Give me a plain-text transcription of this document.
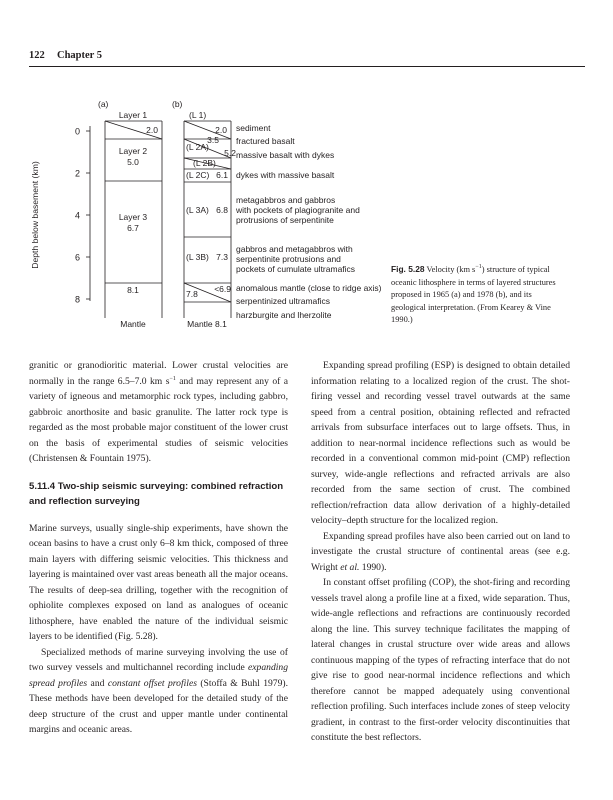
122 Chapter 5
0
2
4
6
8
Depth below basement (km)
(a)
Layer 1
2.0
Layer 2
5.0
Layer 3
6.7
8.1
Mantle
(b)
(L 1)
2.0
(L 2A)
3.5
5.2
(L 2B)
(L 2C) 6.1
(L 3A) 6.8
(L 3B) 7.3
7.8 <6.9
Mantle 8.1
sediment
fractured basalt
massive basalt with dykes
dykes with massive basalt
metagabbros and gabbros
with pockets of plagiogranite and
protrusions of serpentinite
gabbros and metagabbros with
serpentinite protrusions and
pockets of cumulate ultramafics
anomalous mantle (close to ridge axis)
serpentinized ultramafics
harzburgite and lherzolite
Fig. 5.28 Velocity (km $s^{-1}$) structure of typical oceanic lithosphere in terms of layered structures proposed in 1965 (a) and 1978 (b), and its geological interpretation. (From Kearey & Vine 1990.)

granitic or granodioritic material. Lower crustal velocities are normally in the range 6.5–7.0 km $s^{-1}$ and may represent any of a variety of igneous and metamorphic rock types, including gabbro, gabbroic anorthosite and basic granulite. The latter rock type is regarded as the most probable major constituent of the lower crust on the basis of experimental studies of seismic velocities (Christensen & Fountain 1975).

5.11.4 Two-ship seismic surveying: combined refraction and reflection surveying

Marine surveys, usually single-ship experiments, have shown the ocean basins to have a crust only 6–8 km thick, composed of three main layers with differing seismic velocities. This thickness and layering is maintained over vast areas beneath all the major oceans. The results of deep-sea drilling, together with the recognition of ophiolite complexes exposed on land as analogues of oceanic lithosphere, have enabled the nature of the individual seismic layers to be identified (Fig. 5.28).

Specialized methods of marine surveying involving the use of two survey vessels and multichannel recording include expanding spread profiles and constant offset profiles (Stoffa & Buhl 1979). These methods have been developed for the detailed study of the deep structure of the crust and upper mantle under continental margins and oceanic areas.

Expanding spread profiling (ESP) is designed to obtain detailed information relating to a localized region of the crust. The shot-firing vessel and recording vessel travel outwards at the same speed from a central position, obtaining reflected and refracted arrivals from subsurface interfaces out to large offsets. Thus, in addition to near-normal incidence reflections such as would be recorded in a conventional common mid-point (CMP) reflection survey, wide-angle reflections and refracted arrivals are also recorded from the same section of crust. The combined reflection/refraction data allow derivation of a highly-detailed velocity–depth structure for the localized region.

Expanding spread profiles have also been carried out on land to investigate the crustal structure of continental areas (see e.g. Wright et al. 1990).

In constant offset profiling (COP), the shot-firing and recording vessels travel along a profile line at a fixed, wide separation. Thus, wide-angle reflections and refractions are continuously recorded along the line. This survey technique facilitates the mapping of lateral changes in crustal structure over wide areas and allows continuous mapping of the types of refracting interface that do not give rise to good near-normal incidence reflections and which therefore cannot be mapped adequately using conventional reflection profiling. Such interfaces include zones of steep velocity gradient, in contrast to the first-order velocity discontinuities that constitute the best reflectors.
